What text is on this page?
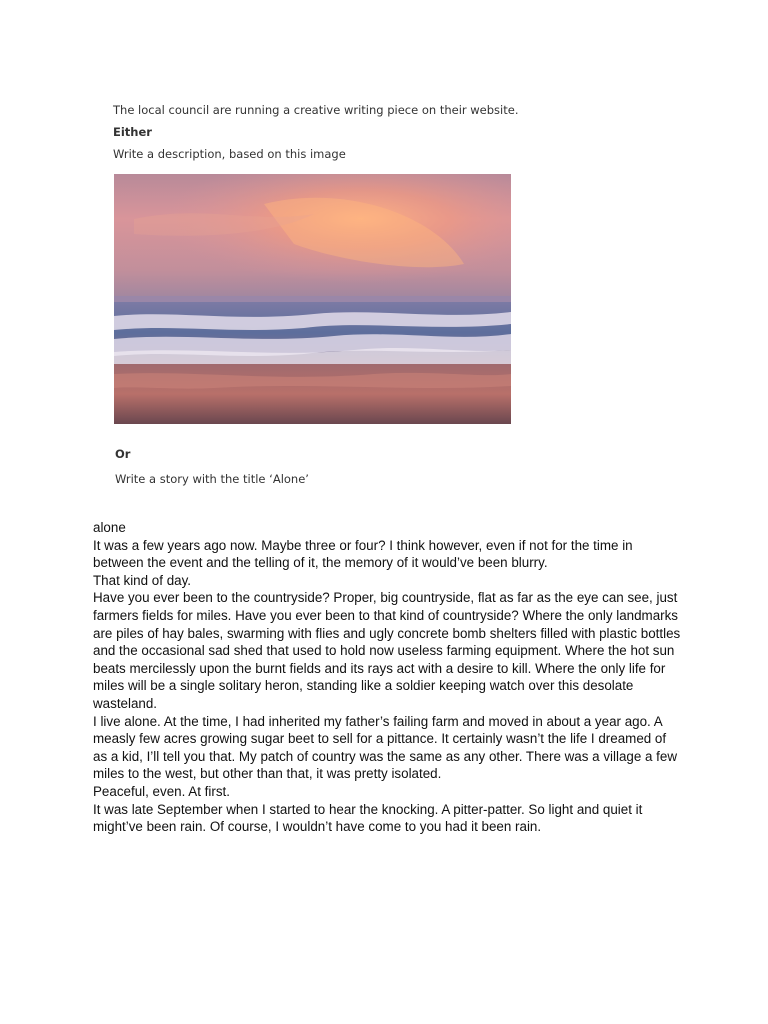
The local council are running a creative writing piece on their website.

Either

Write a description, based on this image

Or

Write a story with the title ‘Alone’

alone

It was a few years ago now. Maybe three or four? I think however, even if not for the time in between the event and the telling of it, the memory of it would’ve been blurry.

That kind of day.

Have you ever been to the countryside? Proper, big countryside, flat as far as the eye can see, just farmers fields for miles. Have you ever been to that kind of countryside? Where the only landmarks are piles of hay bales, swarming with flies and ugly concrete bomb shelters filled with plastic bottles and the occasional sad shed that used to hold now useless farming equipment. Where the hot sun beats mercilessly upon the burnt fields and its rays act with a desire to kill. Where the only life for miles will be a single solitary heron, standing like a soldier keeping watch over this desolate wasteland.

I live alone. At the time, I had inherited my father’s failing farm and moved in about a year ago. A measly few acres growing sugar beet to sell for a pittance. It certainly wasn’t the life I dreamed of as a kid, I’ll tell you that. My patch of country was the same as any other. There was a village a few miles to the west, but other than that, it was pretty isolated.

Peaceful, even. At first.

It was late September when I started to hear the knocking. A pitter-patter. So light and quiet it might’ve been rain. Of course, I wouldn’t have come to you had it been rain.
